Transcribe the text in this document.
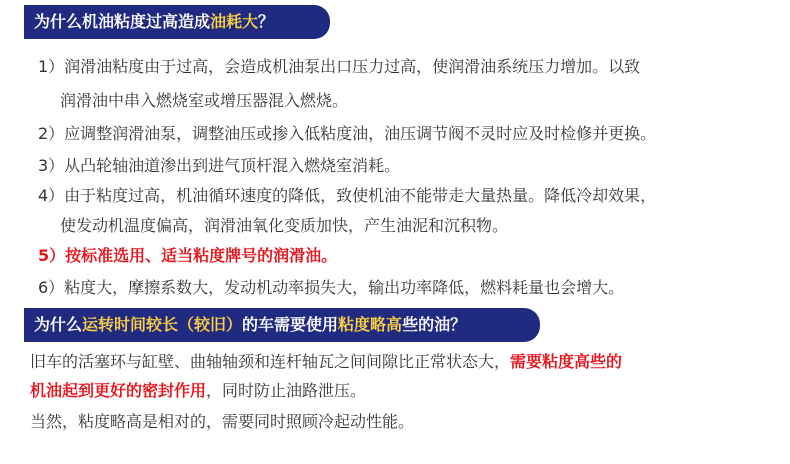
为什么机油粘度过高造成油耗大？
1）润滑油粘度由于过高，会造成机油泵出口压力过高，使润滑油系统压力增加。以致
润滑油中串入燃烧室或增压器混入燃烧。
2）应调整润滑油泵，调整油压或掺入低粘度油，油压调节阀不灵时应及时检修并更换。
3）从凸轮轴油道渗出到进气顶杆混入燃烧室消耗。
4）由于粘度过高，机油循环速度的降低，致使机油不能带走大量热量。降低冷却效果，
使发动机温度偏高，润滑油氧化变质加快，产生油泥和沉积物。
5）按标准选用、适当粘度牌号的润滑油。
6）粘度大，摩擦系数大，发动机动率损失大，输出功率降低，燃料耗量也会增大。
为什么运转时间较长（较旧）的车需要使用粘度略高些的油？
旧车的活塞环与缸壁、曲轴轴颈和连杆轴瓦之间间隙比正常状态大，需要粘度高些的
机油起到更好的密封作用，同时防止油路泄压。
当然，粘度略高是相对的，需要同时照顾冷起动性能。
